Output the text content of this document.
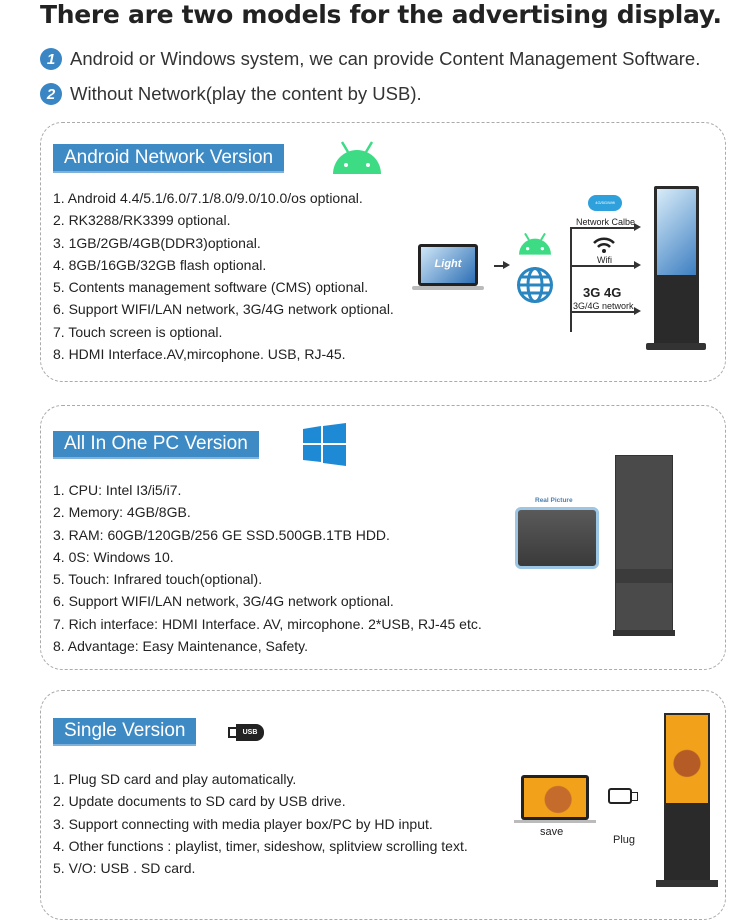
There are two models for the advertising display.
1 Android or Windows system, we can provide Content Management Software.
2 Without Network(play the content by USB).
Android Network Version
1. Android 4.4/5.1/6.0/7.1/8.0/9.0/10.0/os optional.
2. RK3288/RK3399 optional.
3. 1GB/2GB/4GB(DDR3)optional.
4. 8GB/16GB/32GB flash optional.
5. Contents management software (CMS) optional.
6. Support WIFI/LAN network, 3G/4G network optional.
7. Touch screen is optional.
8. HDMI Interface.AV,mircophone. USB, RJ-45.
Light
4G/5G/Wifi
Network Calbe
Wifi
3G 4G
3G/4G network
All In One PC Version
1. CPU: Intel I3/i5/i7.
2. Memory: 4GB/8GB.
3. RAM: 60GB/120GB/256 GE SSD.500GB.1TB HDD.
4. 0S: Windows 10.
5. Touch: Infrared touch(optional).
6. Support WIFI/LAN network, 3G/4G network optional.
7. Rich interface: HDMI Interface. AV, mircophone. 2*USB, RJ-45 etc.
8. Advantage: Easy Maintenance, Safety.
Real Picture
Single Version	USB
1. Plug SD card and play automatically.
2. Update documents to SD card by USB drive.
3. Support connecting with media player box/PC by HD input.
4. Other functions : playlist, timer, sideshow, splitview scrolling text.
5. V/O: USB . SD card.
save
Plug
